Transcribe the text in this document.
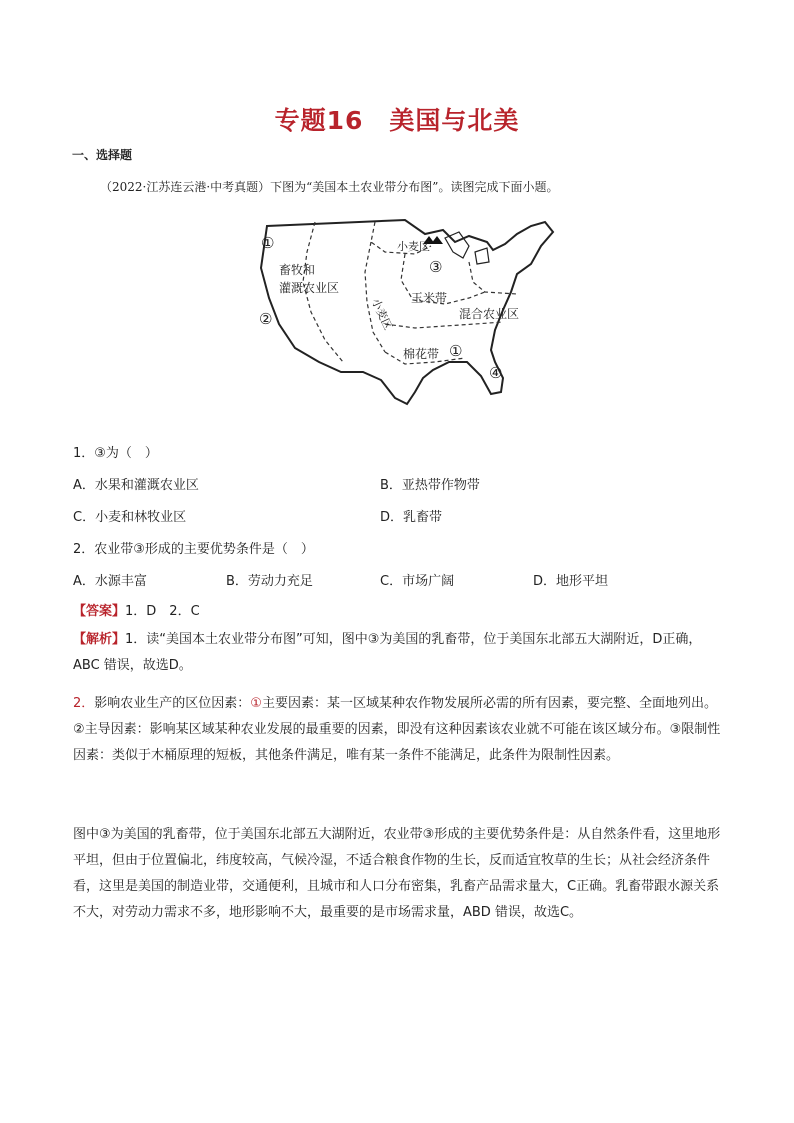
专题16　美国与北美
一、选择题
（2022·江苏连云港·中考真题）下图为“美国本土农业带分布图”。读图完成下面小题。
畜牧和
灌溉农业区
小麦区
小麦区 玉米带
混合农业区
棉花带
①
②
③
④
①
1．③为（　）
A．水果和灌溉农业区	B．亚热带作物带
C．小麦和林牧业区	D．乳畜带
2．农业带③形成的主要优势条件是（　）
A．水源丰富	B．劳动力充足	C．市场广阔	D．地形平坦
【答案】1．D　2．C
【解析】1．读“美国本土农业带分布图”可知，图中③为美国的乳畜带，位于美国东北部五大湖附近，D正确，ABC 错误，故选D。
2．影响农业生产的区位因素：①主要因素：某一区域某种农作物发展所必需的所有因素，要完整、全面地列出。②主导因素：影响某区域某种农业发展的最重要的因素，即没有这种因素该农业就不可能在该区域分布。③限制性因素：类似于木桶原理的短板，其他条件满足，唯有某一条件不能满足，此条件为限制性因素。
图中③为美国的乳畜带，位于美国东北部五大湖附近，农业带③形成的主要优势条件是：从自然条件看，这里地形平坦，但由于位置偏北，纬度较高，气候冷湿，不适合粮食作物的生长，反而适宜牧草的生长；从社会经济条件看，这里是美国的制造业带，交通便利，且城市和人口分布密集，乳畜产品需求量大，C正确。乳畜带跟水源关系不大，对劳动力需求不多，地形影响不大，最重要的是市场需求量，ABD 错误，故选C。
